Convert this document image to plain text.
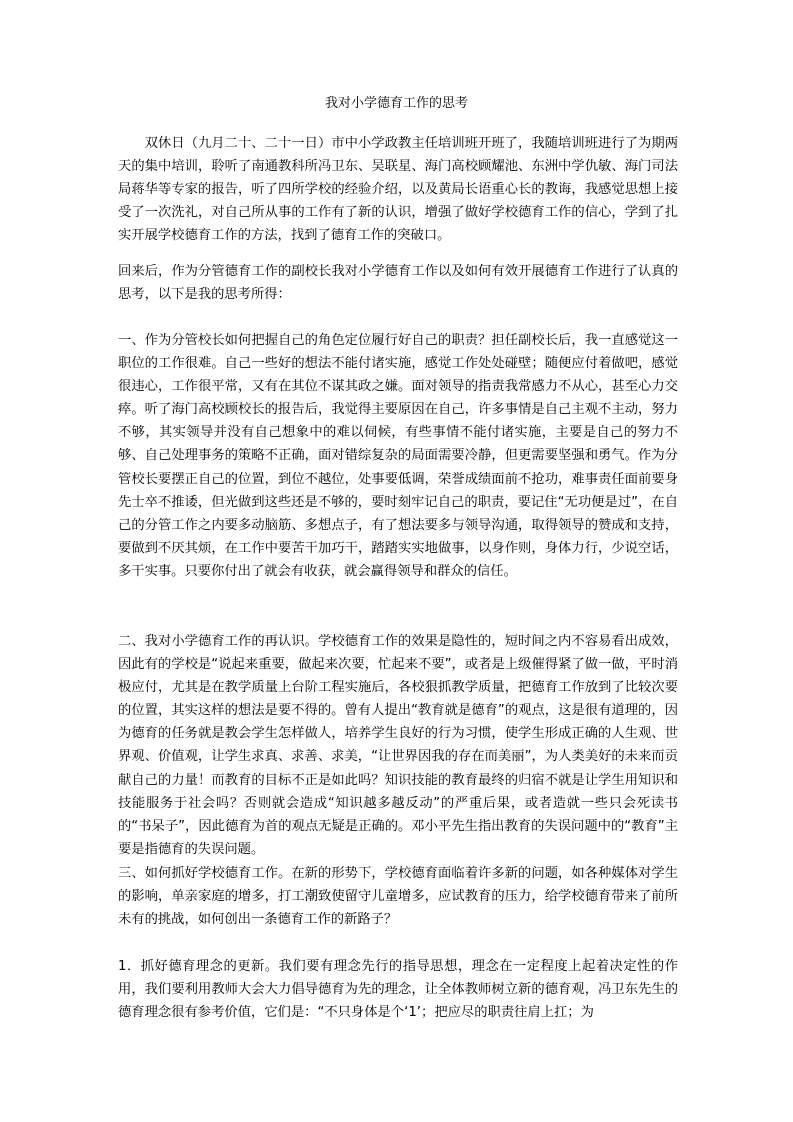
我对小学德育工作的思考

双休日（九月二十、二十一日）市中小学政教主任培训班开班了，我随培训班进行了为期两天的集中培训，聆听了南通教科所冯卫东、吴联星、海门高校顾耀池、东洲中学仇敏、海门司法局蒋华等专家的报告，听了四所学校的经验介绍，以及黄局长语重心长的教诲，我感觉思想上接受了一次洗礼，对自己所从事的工作有了新的认识，增强了做好学校德育工作的信心，学到了扎实开展学校德育工作的方法，找到了德育工作的突破口。

回来后，作为分管德育工作的副校长我对小学德育工作以及如何有效开展德育工作进行了认真的思考，以下是我的思考所得：

一、作为分管校长如何把握自己的角色定位履行好自己的职责？担任副校长后，我一直感觉这一职位的工作很难。自己一些好的想法不能付诸实施，感觉工作处处碰壁；随便应付着做吧，感觉很违心，工作很平常，又有在其位不谋其政之嫌。面对领导的指责我常感力不从心，甚至心力交瘁。听了海门高校顾校长的报告后，我觉得主要原因在自己，许多事情是自己主观不主动，努力不够，其实领导并没有自己想象中的难以伺候，有些事情不能付诸实施，主要是自己的努力不够、自己处理事务的策略不正确，面对错综复杂的局面需要冷静，但更需要坚强和勇气。作为分管校长要摆正自己的位置，到位不越位，处事要低调，荣誉成绩面前不抢功，难事责任面前要身先士卒不推诿，但光做到这些还是不够的，要时刻牢记自己的职责，要记住“无功便是过”，在自己的分管工作之内要多动脑筋、多想点子，有了想法要多与领导沟通，取得领导的赞成和支持，要做到不厌其烦，在工作中要苦干加巧干，踏踏实实地做事，以身作则，身体力行，少说空话，多干实事。只要你付出了就会有收获，就会赢得领导和群众的信任。

二、我对小学德育工作的再认识。学校德育工作的效果是隐性的，短时间之内不容易看出成效，因此有的学校是“说起来重要，做起来次要，忙起来不要”，或者是上级催得紧了做一做，平时消极应付，尤其是在教学质量上台阶工程实施后，各校狠抓教学质量，把德育工作放到了比较次要的位置，其实这样的想法是要不得的。曾有人提出“教育就是德育”的观点，这是很有道理的，因为德育的任务就是教会学生怎样做人，培养学生良好的行为习惯，使学生形成正确的人生观、世界观、价值观，让学生求真、求善、求美，“让世界因我的存在而美丽”，为人类美好的未来而贡献自己的力量！而教育的目标不正是如此吗？知识技能的教育最终的归宿不就是让学生用知识和技能服务于社会吗？否则就会造成“知识越多越反动”的严重后果，或者造就一些只会死读书的“书呆子”，因此德育为首的观点无疑是正确的。邓小平先生指出教育的失误问题中的“教育”主要是指德育的失误问题。

三、如何抓好学校德育工作。在新的形势下，学校德育面临着许多新的问题，如各种媒体对学生的影响，单亲家庭的增多，打工潮致使留守儿童增多，应试教育的压力，给学校德育带来了前所未有的挑战，如何创出一条德育工作的新路子？

1．抓好德育理念的更新。我们要有理念先行的指导思想，理念在一定程度上起着决定性的作用，我们要利用教师大会大力倡导德育为先的理念，让全体教师树立新的德育观，冯卫东先生的德育理念很有参考价值，它们是：“不只身体是个‘1’；把应尽的职责往肩上扛；为
